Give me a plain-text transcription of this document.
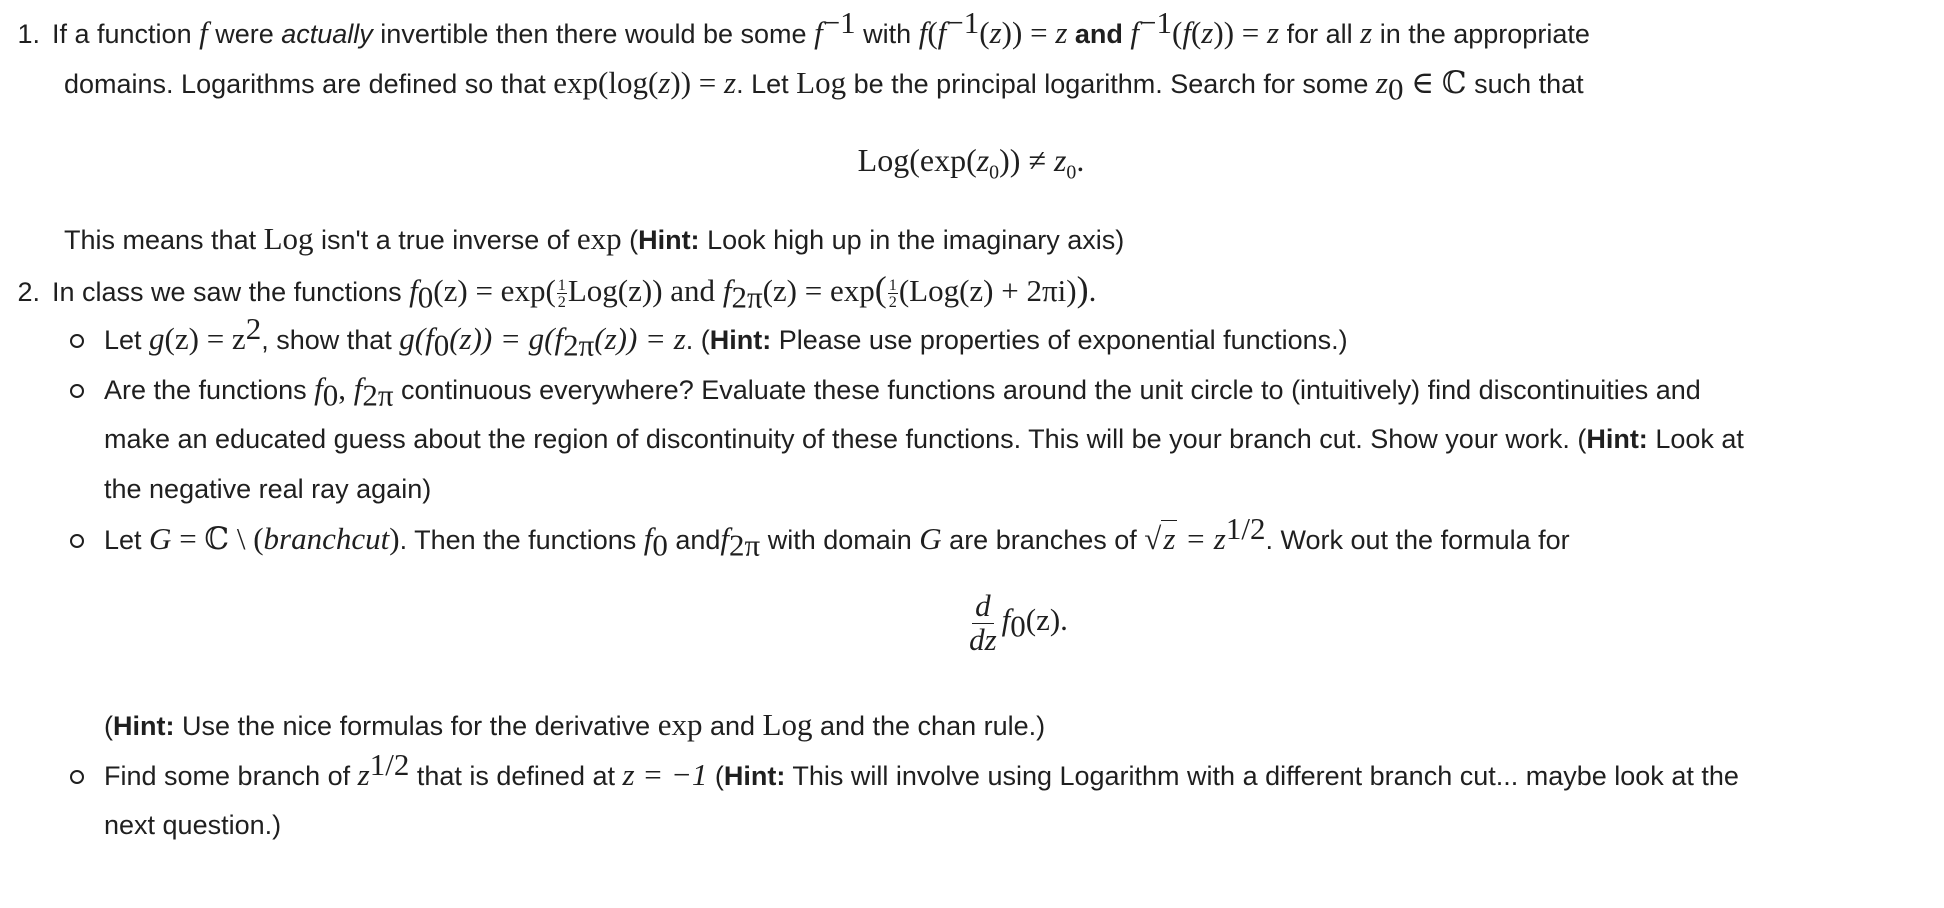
1. If a function f were actually invertible then there would be some $f^{-1}$ with $f(f^{-1}(z)) = z$ and $f^{-1}(f(z)) = z$ for all z in the appropriate
domains. Logarithms are defined so that exp(log(z)) = z. Let Log be the principal logarithm. Search for some $z_0$ ∈ ℂ such that
$Log(\exp(z_0)) \ne z_0$.
This means that Log isn't a true inverse of exp (Hint: Look high up in the imaginary axis)
2. In class we saw the functions $f_0(z) = \exp( \frac{1}{2} Log(z))$ and $f_{2\pi}(z) = \exp( \frac{1}{2} (Log(z) + 2\pi i))$.
Let $g(z) = z^2$, show that $g(f_0(z)) = g(f_{2\pi}(z)) = z$. (Hint: Please use properties of exponential functions.)
Are the functions $f_0$, $f_{2\pi}$ continuous everywhere? Evaluate these functions around the unit circle to (intuitively) find discontinuities and
make an educated guess about the region of discontinuity of these functions. This will be your branch cut. Show your work. (Hint: Look at
the negative real ray again)
Let G = ℂ \ (branchcut). Then the functions $f_0$ andf$_{2\pi}$ with domain G are branches of $√z = z^{1/2}$. Work out the formula for
$\frac{d}{dz} f_0(z)$.
(Hint: Use the nice formulas for the derivative exp and Log and the chan rule.)
Find some branch of $z^{1/2}$ that is defined at z = −1 (Hint: This will involve using Logarithm with a different branch cut... maybe look at the
next question.)
